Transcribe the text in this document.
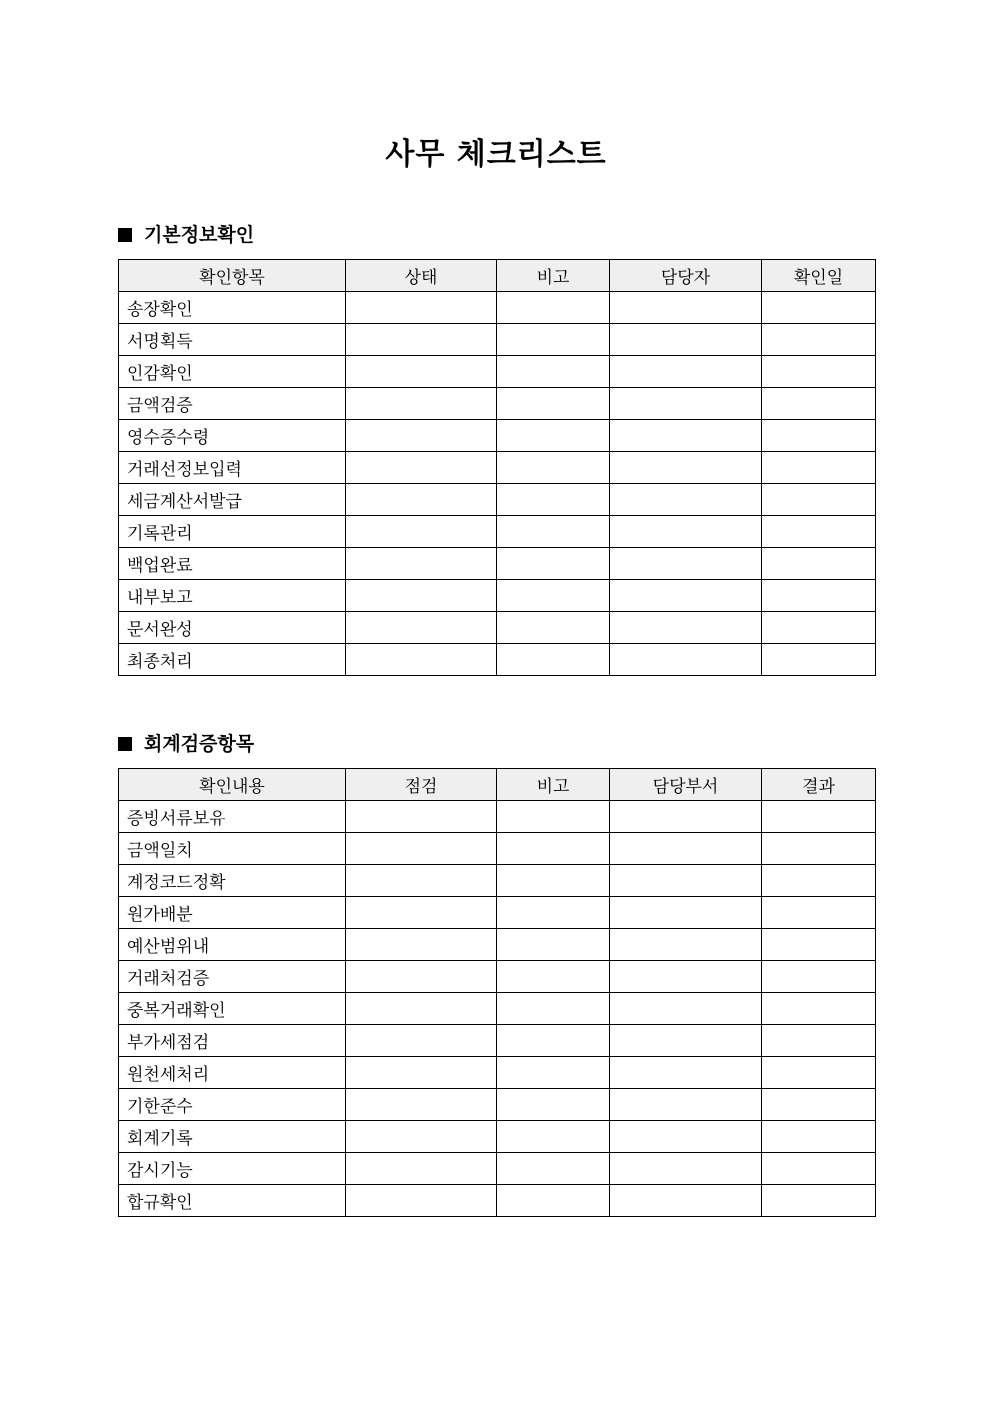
사무 체크리스트
기본정보확인
확인항목	상태	비고	담당자	확인일
송장확인				
서명획득				
인감확인				
금액검증				
영수증수령				
거래선정보입력				
세금계산서발급				
기록관리				
백업완료				
내부보고				
문서완성				
최종처리				
회계검증항목
확인내용	점검	비고	담당부서	결과
증빙서류보유				
금액일치				
계정코드정확				
원가배분				
예산범위내				
거래처검증				
중복거래확인				
부가세점검				
원천세처리				
기한준수				
회계기록				
감시기능				
합규확인				
